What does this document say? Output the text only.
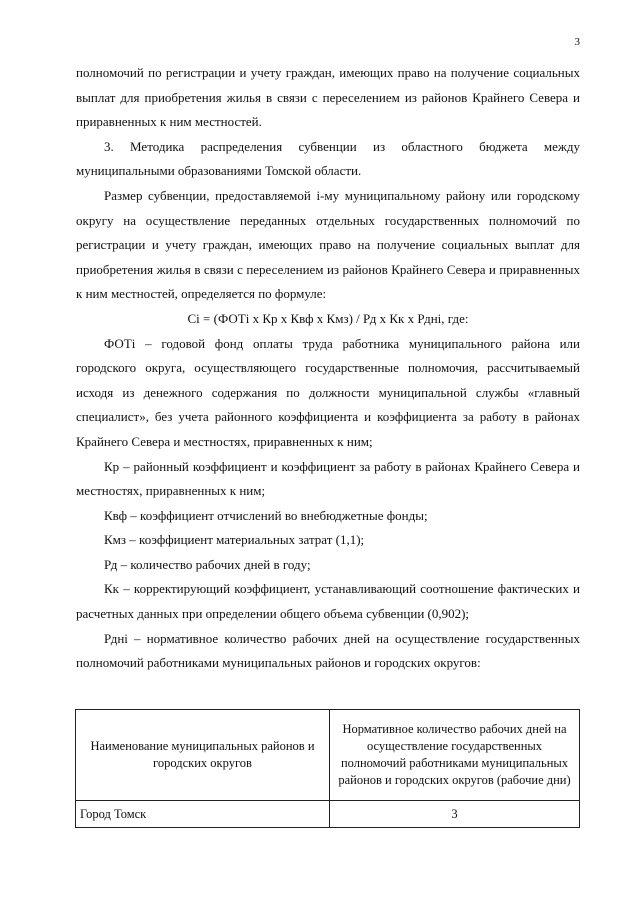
3

полномочий по регистрации и учету граждан, имеющих право на получение социальных выплат для приобретения жилья в связи с переселением из районов Крайнего Севера и приравненных к ним местностей.

3. Методика распределения субвенции из областного бюджета между муниципальными образованиями Томской области.

Размер субвенции, предоставляемой i-му муниципальному району или городскому округу на осуществление переданных отдельных государственных полномочий по регистрации и учету граждан, имеющих право на получение социальных выплат для приобретения жилья в связи с переселением из районов Крайнего Севера и приравненных к ним местностей, определяется по формуле:

Сi = (ФОТi х Кр х Квф х Кмз) / Рд х Кк х Рдні, где:

ФОТi – годовой фонд оплаты труда работника муниципального района или городского округа, осуществляющего государственные полномочия, рассчитываемый исходя из денежного содержания по должности муниципальной службы «главный специалист», без учета районного коэффициента и коэффициента за работу в районах Крайнего Севера и местностях, приравненных к ним;

Кр – районный коэффициент и коэффициент за работу в районах Крайнего Севера и местностях, приравненных к ним;

Квф – коэффициент отчислений во внебюджетные фонды;

Кмз – коэффициент материальных затрат (1,1);

Рд – количество рабочих дней в году;

Кк – корректирующий коэффициент, устанавливающий соотношение фактических и расчетных данных при определении общего объема субвенции (0,902);

Рдні – нормативное количество рабочих дней на осуществление государственных полномочий работниками муниципальных районов и городских округов:

Наименование муниципальных районов и городских округов	Нормативное количество рабочих дней на осуществление государственных полномочий работниками муниципальных районов и городских округов (рабочие дни)
Город Томск	3
